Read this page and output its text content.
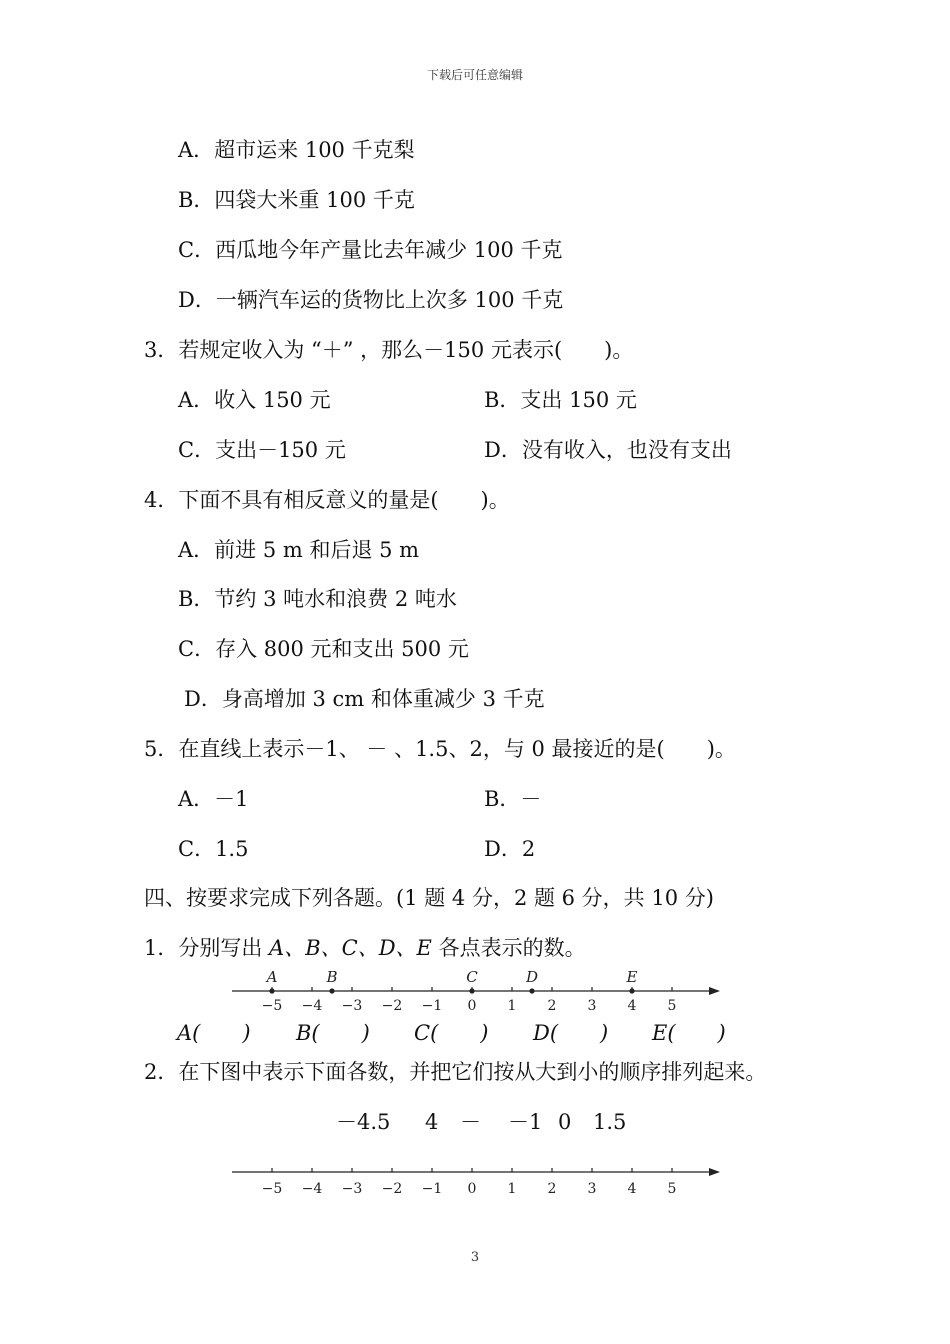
下载后可任意编辑
A．超市运来 100 千克梨
B．四袋大米重 100 千克
C．西瓜地今年产量比去年减少 100 千克
D．一辆汽车运的货物比上次多 100 千克
3．若规定收入为 “＋” ，那么－150 元表示(　　)。
A．收入 150 元	B．支出 150 元
C．支出－150 元	D．没有收入，也没有支出
4．下面不具有相反意义的量是(　　)。
A．前进 5 m 和后退 5 m
B．节约 3 吨水和浪费 2 吨水
C．存入 800 元和支出 500 元
D．身高增加 3 cm 和体重减少 3 千克
5．在直线上表示－1、 － 、1.5、2，与 0 最接近的是(　　)。
A．－1	B．－
C．1.5	D．2
四、按要求完成下列各题。(1 题 4 分，2 题 6 分，共 10 分)
1．分别写出 A、B、C、D、E 各点表示的数。
−5 −4 −3 −2 −1 0 1 2 3 4 5
A	B	C	D	E
A(　　) B(　　) C(　　) D(　　) E(　　)
2．在下图中表示下面各数，并把它们按从大到小的顺序排列起来。
－4.5 4 － －1 0 1.5
−5 −4 −3 −2 −1 0 1 2 3 4 5
3
